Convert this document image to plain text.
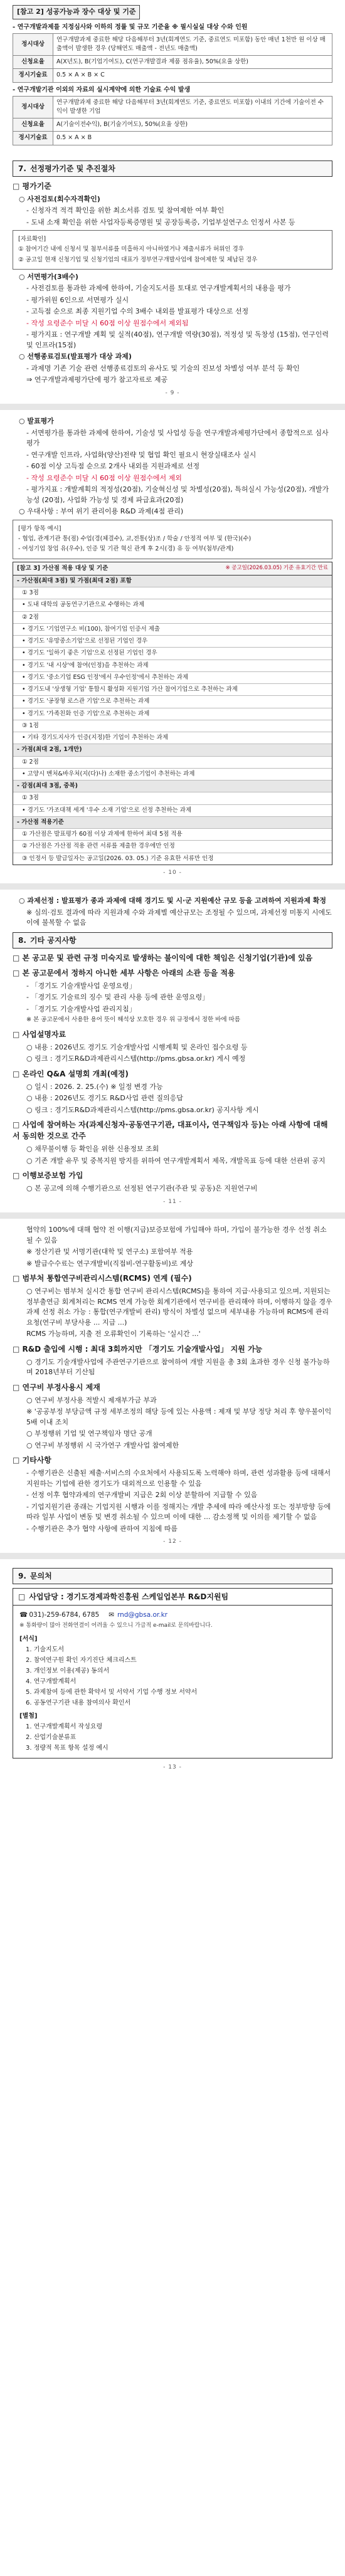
[참고 2] 성공가능과 장수 대상 및 기준
- 연구개발과제를 지정심사와 이하의 정률 및 규모 기준을 ※ 필시실실 대상 수와 인원
정시대상	연구개발과제 중료한 해당 다음해부터 3년(회계연도 기준, 중료연도 미포함) 동안 매년 1천만 원 이상 매출액이 발생한 경우 (당해연도 매출액 - 전년도 매출액)
신청요율	A(X년도), B(기업기여도), C(연구개발결과 제품 점유율), 50%(요율 상한)
정시기술료	0.5 × A × B × C
- 연구개발기관 이외의 자료의 실시계약에 의한 기술료 수익 발생
정시대상	연구개발과제 중료한 해당 다음해부터 3년(회계연도 기준, 중료연도 미포함) 이내의 기간에 기술이전 수익이 발생한 기업
신청요율	A(기술이전수익), B(기술기여도), 50%(요율 상한)
정시기술료	0.5 × A × B
7. 선정평가기준 및 추진절차
□ 평가기준
○ 사전검토(회수자격확인)
- 신청자격 적격 확인을 위한 최소서류 검토 및 참여제한 여부 확인
- 도내 소재 확인을 위한 사업자등록증명원 및 공장등록증, 기업부설연구소 인정서 사본 등
[자료확인]
① 참여기간 내에 신청서 및 첨부서류를 미흡하지 아니하였거나 제출서류가 허위인 경우
② 공고일 현재 신청기업 및 신청기업의 대표가 정부연구개발사업에 참여제한 및 체납된 경우
○ 서면평가(3배수)
- 사전검토를 통과한 과제에 한하여, 기술지도서를 토대로 연구개발계획서의 내용을 평가
- 평가위원 6인으로 서면평가 실시
- 고득점 순으로 최종 지원기업 수의 3배수 내외를 발표평가 대상으로 선정
- 작성 요령준수 미달 시 60점 이상 원점수에서 제외됨
- 평가지표 : 연구개발 계획 및 실적(40점), 연구개발 역량(30점), 적정성 및 독창성 (15점), 연구인력 및 인프라(15점)
○ 선행종료검토(발표평가 대상 과제)
- 과제명 기존 기술 관련 선행종료검토의 유사도 및 기술의 진보성 차별성 여부 분석 등 확인
⇒ 연구개발과제평가단에 평가 참고자료로 제공
- 9 -
○ 발표평가
- 서면평가를 통과한 과제에 한하여, 기술성 및 사업성 등을 연구개발과제평가단에서 종합적으로 심사평가
- 연구개발 인프라, 사업화(양산)전략 및 협업 확인 필요시 현장실태조사 실시
- 60점 이상 고득점 순으로 2개사 내외를 지원과제로 선정
- 작성 요령준수 미달 시 60점 이상 원점수에서 제외
- 평가지표 : 개발계획의 적정성(20점), 기술혁신성 및 차별성(20점), 특허실시 가능성(20점), 개발가능성 (20점), 사업화 가능성 및 경제 파급효과(20점)
○ 우대사항 : 부여 위기 관리이용 R&D 과제(4점 관리)
[평가 항목 예시]
- 협업, 관계기관 통(점) 수업(경(체결수), 교,전통(상)조 / 학술 / 안정적 여부 및 (한국)(수)
- 여성기업 창업 유(우수), 인증 및 기관 혁신 관계 후 2시(경) 유 등 여부(첨부/관계)
[참고 3] 가산점 적용 대상 및 기준	※ 공고일(2026.03.05) 기준 유효기간 만료
- 가산점(최대 3점) 및 가점(최대 2점) 포함
① 3점
• 도내 대학의 공동연구기관으로 수행하는 과제
② 2점
• 경기도 '기업연구소 비(100), 참여기업 인증서 제출
• 경기도 '유망중소기업'으로 선정된 기업인 경우
• 경기도 '일하기 좋은 기업'으로 선정된 기업인 경우
• 경기도 '내 시상'에 참여(인정)을 추천하는 과제
• 경기도 '중소기업 ESG 인정'에서 우수인정'에서 추천하는 과제
• 경기도내 '상생형 기업' 통합시 활성화 지원기업 가산 참여기업으로 추천하는 과제
• 경기도 '공장형 로스관 기업'으로 추천하는 과제
• 경기도 '가족친화 인증 기업'으로 추천하는 과제
③ 1점
• 기타 경기도지사가 인증(지정)한 기업이 추천하는 과제
- 가점(최대 2점, 1개만)
① 2점
• 고양시 벤처&바우처(지(다)나) 소재한 중소기업이 추천하는 과제
- 감점(최대 3점, 중복)
① 3점
• 경기도 '가조대책 세계 '우수 소재 기업'으로 선정 추천하는 과제
- 가산점 적용기준
① 가산점은 발표평가 60점 이상 과제에 한하여 최대 5점 적용
② 가산점은 가산점 적용 관련 서류를 제출한 경우에만 인정
③ 인정서 등 발급일자는 공고일(2026. 03. 05.) 기준 유효한 서류만 인정
- 10 -
○ 과제선정 : 발표평가 종과 과제에 대해 경기도 및 시·군 지원예산 규모 등을 고려하여 지원과제 확정
※ 심의·검토 결과에 따라 지원과제 수와 과제별 예산규모는 조정될 수 있으며, 과제선정 미통지 시에도 이에 불복할 수 없음
8. 기타 공지사항
□ 본 공고문 및 관련 규정 미숙지로 발생하는 불이익에 대한 책임은 신청기업(기관)에 있음
□ 본 공고문에서 정하지 아니한 세부 사항은 아래의 소관 등을 적용
- 「경기도 기술개발사업 운영요령」
- 「경기도 기술료의 징수 및 관리 사용 등에 관한 운영요령」
- 「경기도 기술개발사업 관리지침」
※ 본 공고문에서 사용한 용어 뜻이 해석상 모호한 경우 위 규정에서 정한 바에 따름
□ 사업설명자료
○ 내용 : 2026년도 경기도 기술개발사업 시행계획 및 온라인 접수요령 등
○ 링크 : 경기도R&D과제관리시스템(http://pms.gbsa.or.kr) 게시 예정
□ 온라인 Q&A 설명회 개최(예정)
○ 일시 : 2026. 2. 25.(수) ※ 일정 변경 가능
○ 내용 : 2026년도 경기도 R&D사업 관련 질의응답
○ 링크 : 경기도R&D과제관리시스템(http://pms.gbsa.or.kr) 공지사항 게시
□ 사업에 참여하는 자(과제신청자·공동연구기관, 대표이사, 연구책임자 등)는 아래 사항에 대해서 동의한 것으로 간주
○ 채무불이행 등 확인을 위한 신용정보 조회
○ 기존 개발 유무 및 중복지원 방지를 위하여 연구개발계획서 제목, 개발목표 등에 대한 선관위 공지
□ 이행보증보험 가입
○ 본 공고에 의해 수행기관으로 선정된 연구기관(주관 및 공동)은 지원연구비
- 11 -
협약의 100%에 대해 협약 전 이행(지급)보증보험에 가입해야 하며, 가입이 불가능한 경우 선정 취소될 수 있음
※ 정산기관 및 서명기관(대학 및 연구소) 포함여부 적용
※ 발급수수료는 연구개발비(직접비-연구활동비)로 계상
□ 범부처 통합연구비관리시스템(RCMS) 연계 (필수)
○ 연구비는 범부처 실시간 통합 연구비 관리시스템(RCMS)을 통하여 지급·사용되고 있으며, 지원되는 정부출연금 회계처리는 RCMS 연계 가능한 회계기관에서 연구비를 관리해야 하며, 이행하지 않을 경우 과제 선정 취소 가능 : 통합(연구개발비 관리) 방식이 차별성 없으며 세부내용 가능하며 RCMS에 관리요청(연구비 부당사용 ... 지급 ...)
RCMS 가능하며, 지출 전 오류확인이 기록하는 '실시간 ...'
□ R&D 출입에 시행 : 최대 3회까지만 「경기도 기술개발사업」 지원 가능
○ 경기도 기술개발사업에 주관연구기관으로 참여하여 개발 지원을 총 3회 초과한 경우 신청 불가능하며 2018년부터 기산됨
□ 연구비 부정사용시 제재
○ 연구비 부정사용 적발시 제재부가금 부과
※ '공공부정 부당금액 규정 세부조정의 해당 등에 있는 사용액 : 제재 및 부당 정당 처리 후 향우불이익 5배 이내 조치
○ 부정행위 기업 및 연구책임자 명단 공개
○ 연구비 부정행위 시 국가연구 개발사업 참여제한
□ 기타사항
- 수행기관은 신출된 제출·서비스의 수요처에서 사용되도록 노력해야 하며, 관련 성과활용 등에 대해서 지원하는 기업에 관한 경기도가 대외적으로 인용할 수 있음
- 선정 이후 협약과제의 연구개발비 지급은 2회 이상 분할하여 지급할 수 있음
- 기업지원기관 종래는 기업지원 시행과 이를 정해지는 개발 추세에 따라 예산사정 또는 정부방향 등에 따라 일부 사업이 변동 및 변경 취소될 수 있으며 이에 대한 ... 감소정책 및 이의를 제기할 수 없음
- 수행기관은 추가 협약 사항에 관하여 지침에 따름
- 12 -
9. 문의처
□ 사업담당 : 경기도경제과학진흥원 스케일업본부 R&D지원팀
☎ 031)-259-6784, 6785 ✉ rnd@gbsa.or.kr
※ 통화량이 많아 전화연결이 어려울 수 있으니 가급적 e-mail로 문의바랍니다.
[서식]
1. 기술지도서
2. 참여연구원 확인 자기진단 체크리스트
3. 개인정보 이용(제공) 동의서
4. 연구개발계획서
5. 과제참여 등에 관한 확약서 및 서약서 기업 수행 정보 서약서
6. 공동연구기관 내용 참여의사 확인서
[별첨]
1. 연구개발계획서 작성요령
2. 산업기술분류표
3. 정량적 목표 항목 설정 예시
- 13 -
